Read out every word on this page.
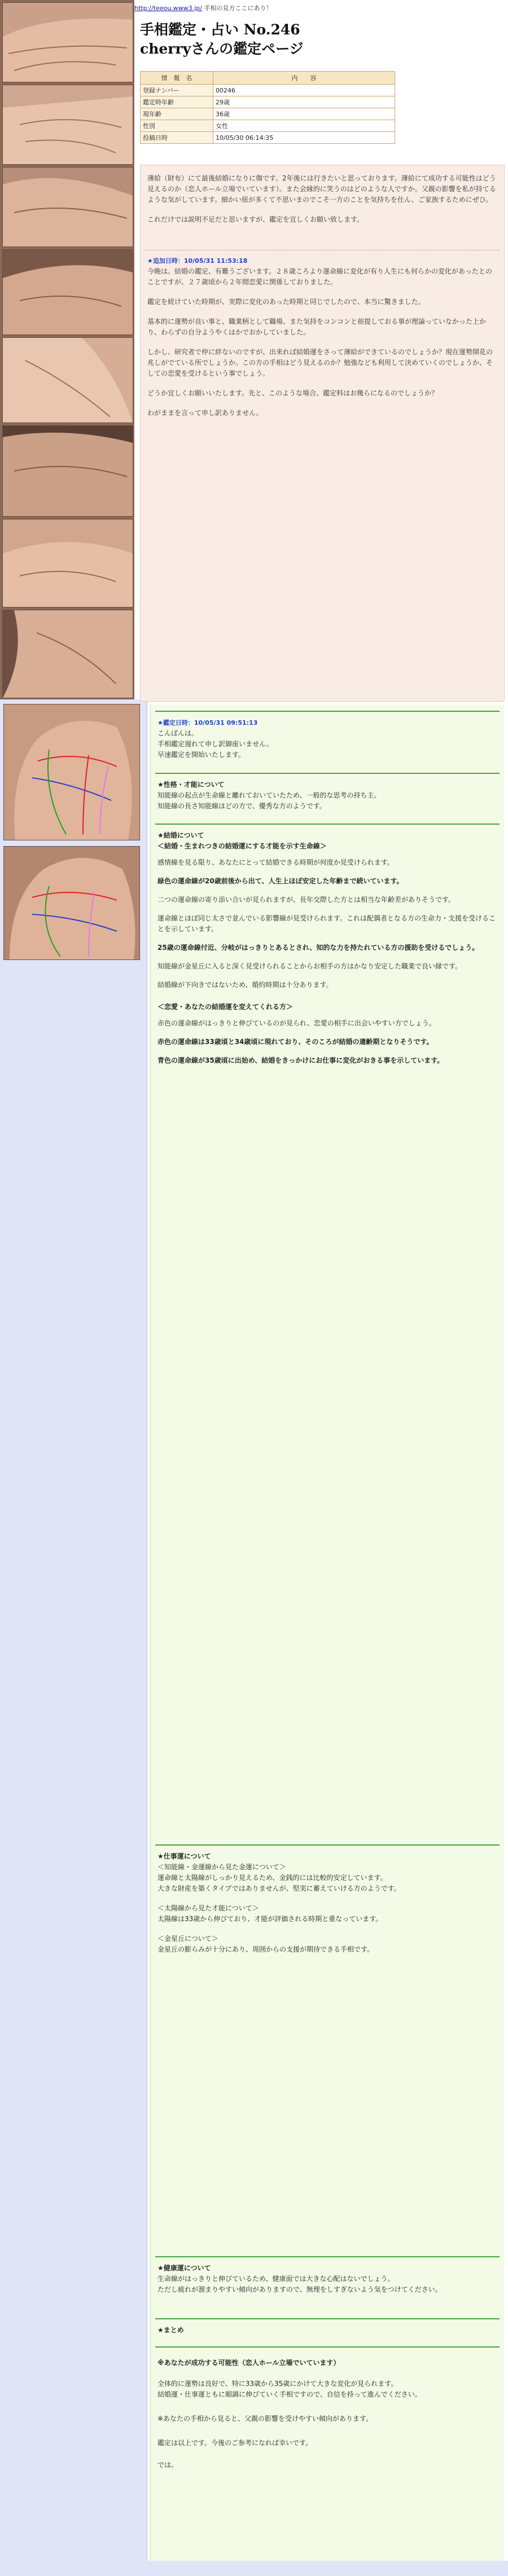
http://teeou.www3.jp/ 手相の見方ここにあり！
手相鑑定・占い No.246
cherryさんの鑑定ページ
情　報　名	内　　容
登録ナンバー	00246
鑑定時年齢	29歳
現年齢	36歳
性別	女性
投稿日時	10/05/30 06:14:35

薄給（財布）にて最後結婚になりに傷です。2年後には行きたいと思っております。薄給にて成功する可能性はどう見えるのか（恋人ホール立場でいています）。また会縁的に笑うのはどのような人ですか。父親の影響を私が持てるような気がしています。細かい紐が多くて不思いまのでこそ一方のことを気持ちを仕ん、ご家族するためにぜひ。

これだけでは説明不足だと思いますが、鑑定を宜しくお願い致します。

★追加日時：10/05/31 11:53:18

今晩は。結婚の鑑定、有難うございます。２８歳ころより運命線に変化が有り人生にも何らかの変化があったとのことですが、２７歳頃から２年間恋愛に関係しておりました。

鑑定を続けていた時期が、実際に変化のあった時期と同じでしたので、本当に驚きました。

基本的に運勢が良い事と、職業柄として職場、また気持をコンコンと前提しておる事が理論っていなかった上かり、わらずの自分ようやくはかでおかしていました。

しかし、研究者で仲に絆ないのですが、出来れば結婚運をさって薄給ができているのでしょうか？現在運勢開花の兆しがでている所でしょうか。この方の手相はどう見えるのか？勉強なども利用して決めていくのでしょうか、そしての恋愛を受けるという事でしょう。

どうか宜しくお願いいたします。先と、このような場合、鑑定料はお幾らになるのでしょうか？

わがままを言って申し訳ありません。

★鑑定日時：10/05/31 09:51:13

こんばんは。

手相鑑定遅れて申し訳御座いません。

早速鑑定を開始いたします。

★性格・才能について

知能線の起点が生命線と離れておいていたため、一般的な思考の持ち主。

知能線の長さ知能線ほどの方で、優秀な方のようです。

★結婚について

＜結婚・生まれつきの結婚運にする才能を示す生命線＞

感情線を見る限り、あなたにとって結婚できる時期が何度か見受けられます。

緑色の運命線が20歳前後から出て、人生上ほぼ安定した年齢まで続いています。

二つの運命線の寄り添い合いが見られますが、長年交際した方とは相当な年齢差がありそうです。

運命線とほぼ同じ太さで並んでいる影響線が見受けられます。これは配偶者となる方の生命力・支援を受けることを示しています。

25歳の運命線付近、分岐がはっきりとあるとされ、知的な力を持たれている方の援助を受けるでしょう。

知能線が金星丘に入ると深く見受けられることからお相手の方はかなり安定した職業で良い縁です。

結婚線が下向きではないため、婚約時期は十分あります。

＜恋愛・あなたの結婚運を変えてくれる方＞

赤色の運命線がはっきりと伸びているのが見られ、恋愛の相手に出会いやすい方でしょう。

赤色の運命線は33歳頃と34歳頃に現れており、そのころが結婚の適齢期となりそうです。

青色の運命線が35歳頃に出始め、結婚をきっかけにお仕事に変化がおきる事を示しています。

★仕事運について

＜知能線・金運線から見た金運について＞

運命線と太陽線がしっかり見えるため、金銭的には比較的安定しています。

大きな財産を築くタイプではありませんが、堅実に蓄えていける方のようです。

＜太陽線から見た才能について＞

太陽線は33歳から伸びており、才能が評価される時期と重なっています。

＜金星丘について＞

金星丘の膨らみが十分にあり、周囲からの支援が期待できる手相です。

★健康運について

生命線がはっきりと伸びているため、健康面では大きな心配はないでしょう。

ただし疲れが溜まりやすい傾向がありますので、無理をしすぎないよう気をつけてください。

★まとめ

※あなたが成功する可能性（恋人ホール立場でいています）

全体的に運勢は良好で、特に33歳から35歳にかけて大きな変化が見られます。

結婚運・仕事運ともに順調に伸びていく手相ですので、自信を持って進んでください。

※あなたの手相から見ると、父親の影響を受けやすい傾向があります。

鑑定は以上です。今後のご参考になれば幸いです。

では。
